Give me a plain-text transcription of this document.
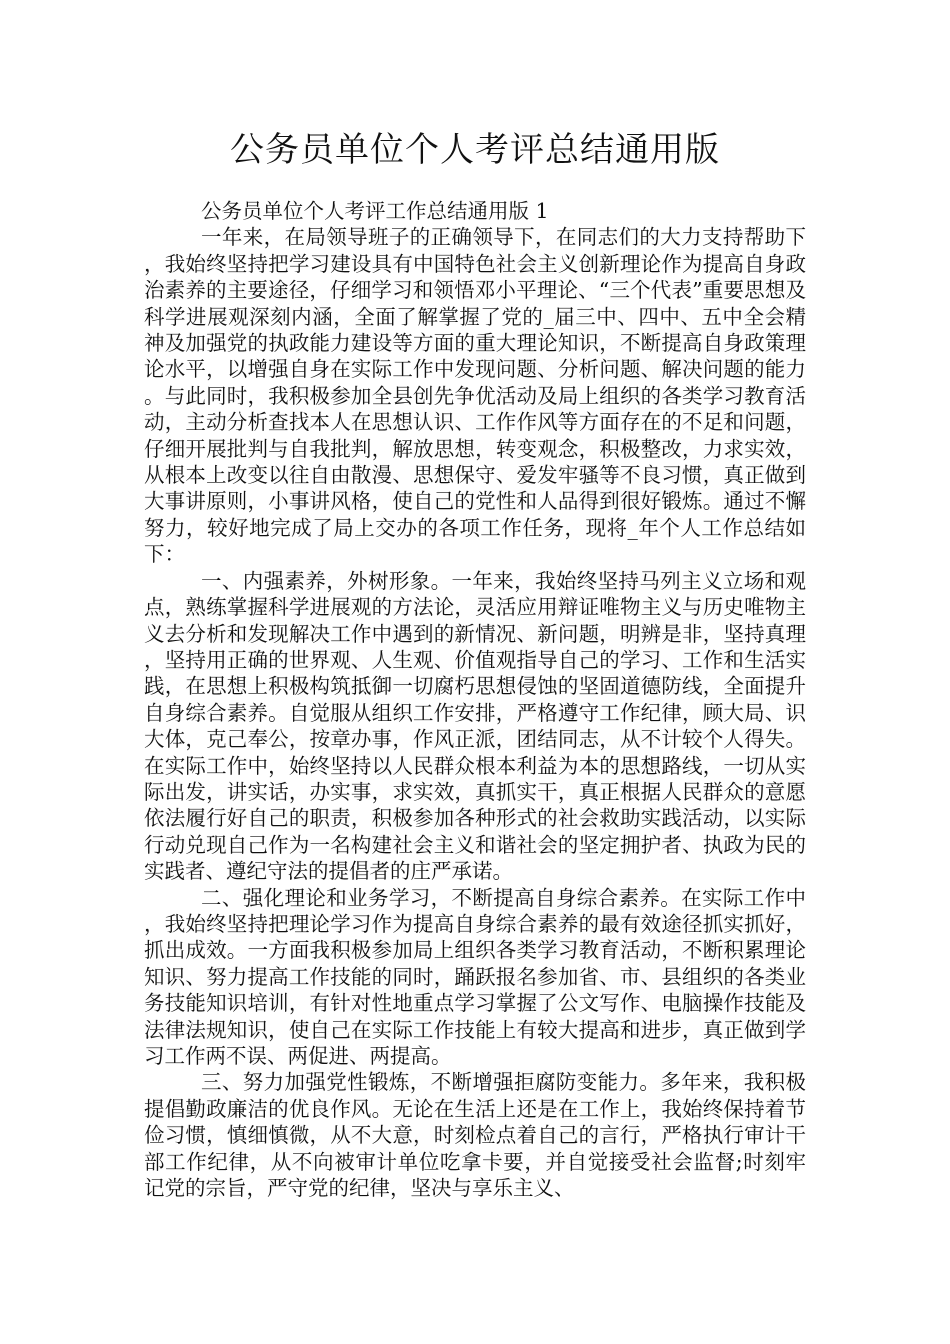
公务员单位个人考评总结通用版

公务员单位个人考评工作总结通用版 1

一年来，在局领导班子的正确领导下，在同志们的大力支持帮助下，我始终坚持把学习建设具有中国特色社会主义创新理论作为提高自身政治素养的主要途径，仔细学习和领悟邓小平理论、“三个代表”重要思想及科学进展观深刻内涵，全面了解掌握了党的_届三中、四中、五中全会精神及加强党的执政能力建设等方面的重大理论知识，不断提高自身政策理论水平，以增强自身在实际工作中发现问题、分析问题、解决问题的能力。与此同时，我积极参加全县创先争优活动及局上组织的各类学习教育活动，主动分析查找本人在思想认识、工作作风等方面存在的不足和问题，仔细开展批判与自我批判，解放思想，转变观念，积极整改，力求实效，从根本上改变以往自由散漫、思想保守、爱发牢骚等不良习惯，真正做到大事讲原则，小事讲风格，使自己的党性和人品得到很好锻炼。通过不懈努力，较好地完成了局上交办的各项工作任务，现将_年个人工作总结如下：

一、内强素养，外树形象。一年来，我始终坚持马列主义立场和观点，熟练掌握科学进展观的方法论，灵活应用辩证唯物主义与历史唯物主义去分析和发现解决工作中遇到的新情况、新问题，明辨是非，坚持真理，坚持用正确的世界观、人生观、价值观指导自己的学习、工作和生活实践，在思想上积极构筑抵御一切腐朽思想侵蚀的坚固道德防线，全面提升自身综合素养。自觉服从组织工作安排，严格遵守工作纪律，顾大局、识大体，克己奉公，按章办事，作风正派，团结同志，从不计较个人得失。在实际工作中，始终坚持以人民群众根本利益为本的思想路线，一切从实际出发，讲实话，办实事，求实效，真抓实干，真正根据人民群众的意愿依法履行好自己的职责，积极参加各种形式的社会救助实践活动，以实际行动兑现自己作为一名构建社会主义和谐社会的坚定拥护者、执政为民的实践者、遵纪守法的提倡者的庄严承诺。

二、强化理论和业务学习，不断提高自身综合素养。在实际工作中，我始终坚持把理论学习作为提高自身综合素养的最有效途径抓实抓好，抓出成效。一方面我积极参加局上组织各类学习教育活动，不断积累理论知识、努力提高工作技能的同时，踊跃报名参加省、市、县组织的各类业务技能知识培训，有针对性地重点学习掌握了公文写作、电脑操作技能及法律法规知识，使自己在实际工作技能上有较大提高和进步，真正做到学习工作两不误、两促进、两提高。

三、努力加强党性锻炼，不断增强拒腐防变能力。多年来，我积极提倡勤政廉洁的优良作风。无论在生活上还是在工作上，我始终保持着节俭习惯，慎细慎微，从不大意，时刻检点着自己的言行，严格执行审计干部工作纪律，从不向被审计单位吃拿卡要，并自觉接受社会监督;时刻牢记党的宗旨，严守党的纪律，坚决与享乐主义、
